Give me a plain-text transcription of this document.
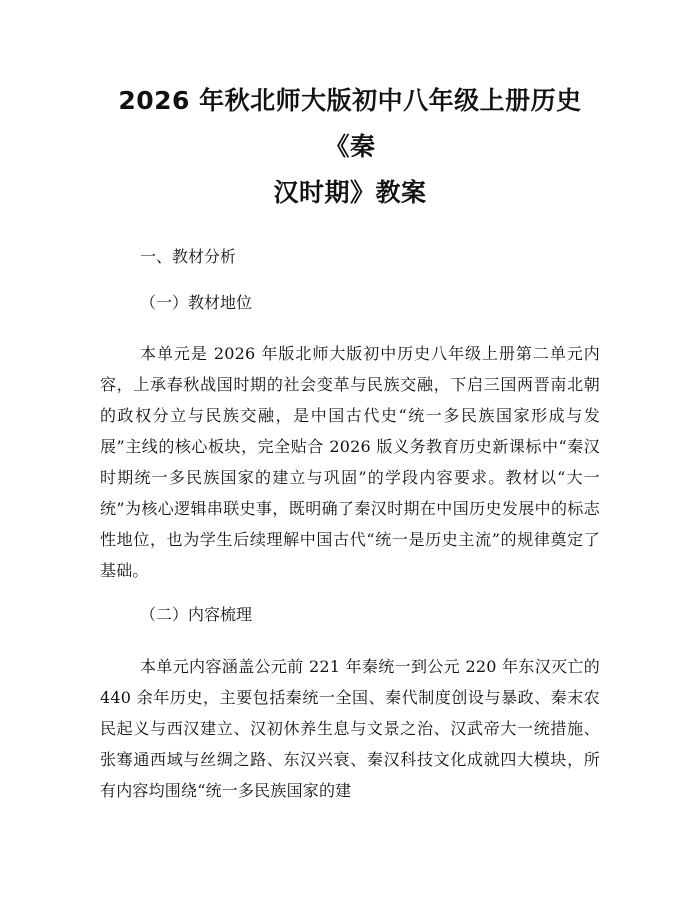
2026 年秋北师大版初中八年级上册历史《秦
汉时期》教案

一、教材分析

（一）教材地位

本单元是 2026 年版北师大版初中历史八年级上册第二单元内容，上承春秋战国时期的社会变革与民族交融，下启三国两晋南北朝的政权分立与民族交融，是中国古代史“统一多民族国家形成与发展”主线的核心板块，完全贴合 2026 版义务教育历史新课标中“秦汉时期统一多民族国家的建立与巩固”的学段内容要求。教材以“大一统”为核心逻辑串联史事，既明确了秦汉时期在中国历史发展中的标志性地位，也为学生后续理解中国古代“统一是历史主流”的规律奠定了基础。

（二）内容梳理

本单元内容涵盖公元前 221 年秦统一到公元 220 年东汉灭亡的 440 余年历史，主要包括秦统一全国、秦代制度创设与暴政、秦末农民起义与西汉建立、汉初休养生息与文景之治、汉武帝大一统措施、张骞通西域与丝绸之路、东汉兴衰、秦汉科技文化成就四大模块，所有内容均围绕“统一多民族国家的建
